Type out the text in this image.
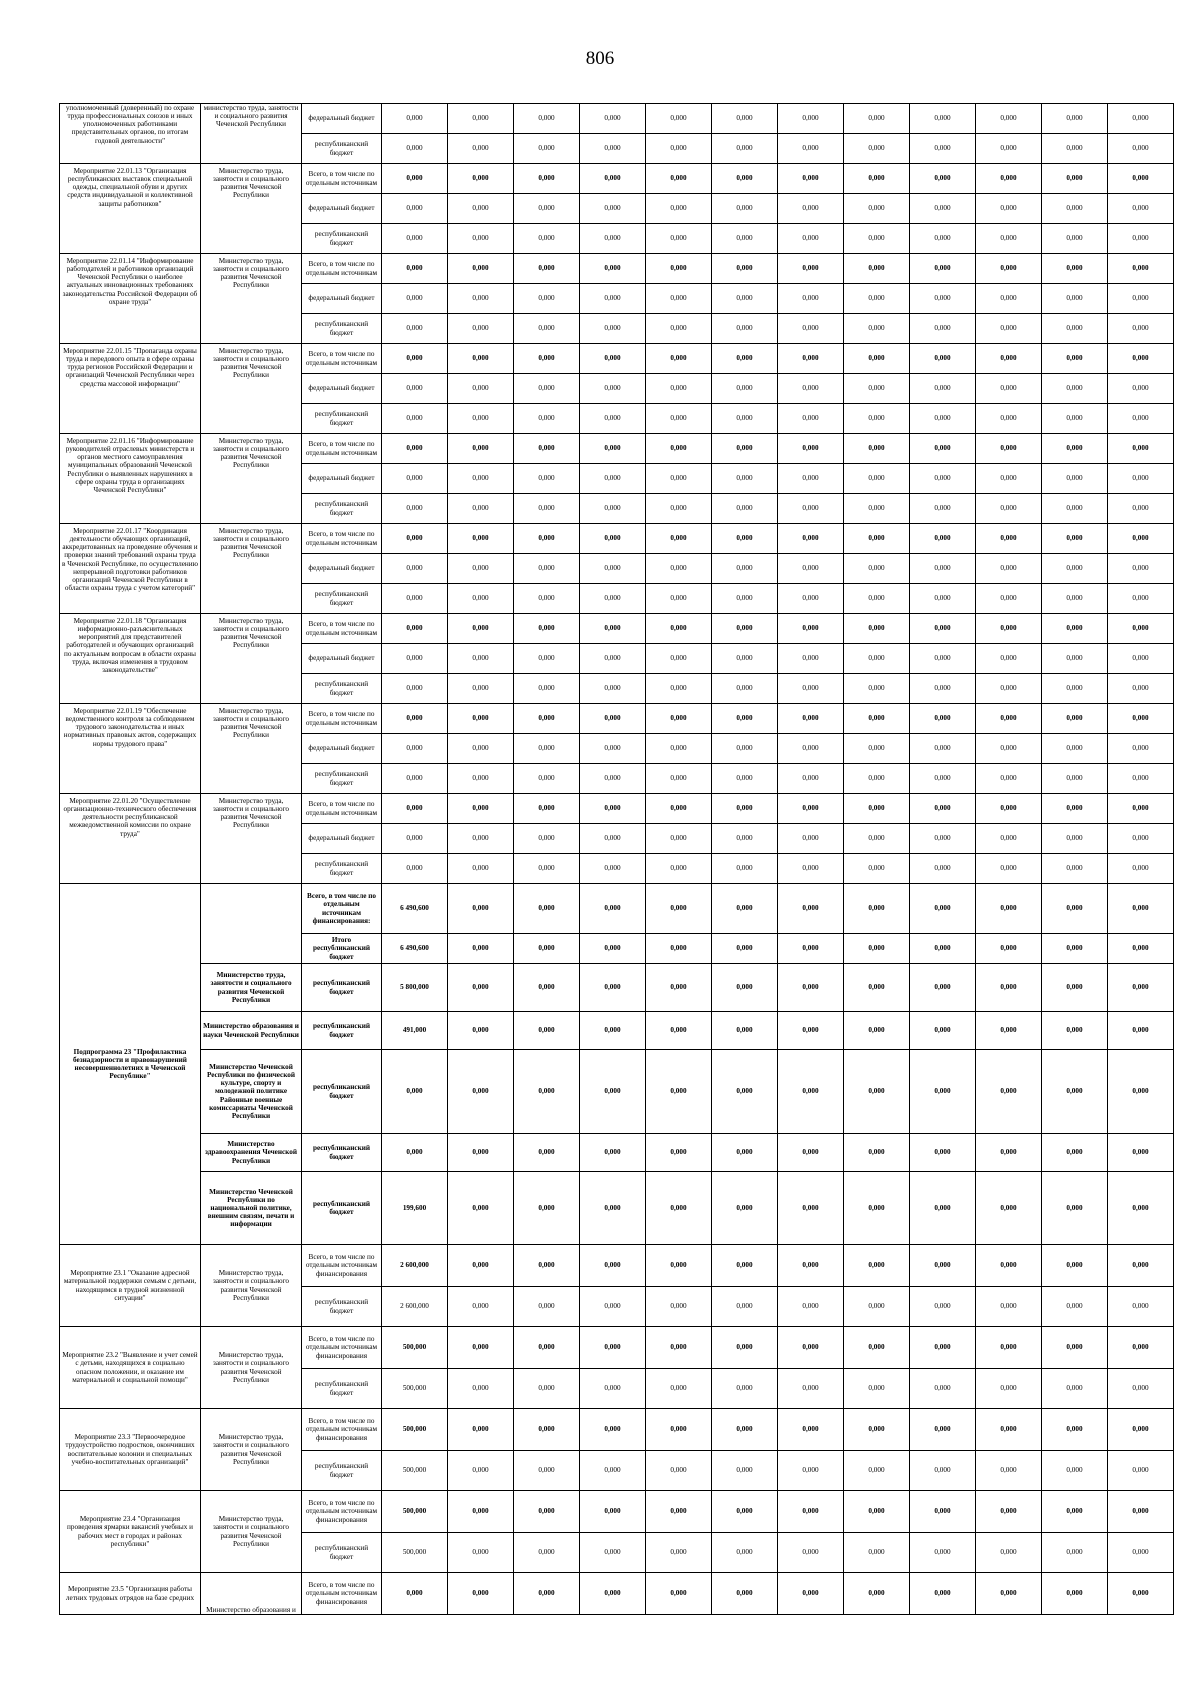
806
уполномоченный (доверенный) по охране труда профессиональных союзов и иных уполномоченных работниками представительных органов, по итогам годовой деятельности"	министерство труда, занятости и социального развития Чеченской Республики	федеральный бюджет	0,000	0,000	0,000	0,000	0,000	0,000	0,000	0,000	0,000	0,000	0,000	0,000
		республиканский бюджет	0,000	0,000	0,000	0,000	0,000	0,000	0,000	0,000	0,000	0,000	0,000	0,000
Мероприятие 22.01.13 "Организация республиканских выставок специальной одежды, специальной обуви и других средств индивидуальной и коллективной защиты работников"	Министерство труда, занятости и социального развития Чеченской Республики	Всего, в том числе по отдельным источникам	0,000	0,000	0,000	0,000	0,000	0,000	0,000	0,000	0,000	0,000	0,000	0,000
		федеральный бюджет	0,000	0,000	0,000	0,000	0,000	0,000	0,000	0,000	0,000	0,000	0,000	0,000
		республиканский бюджет	0,000	0,000	0,000	0,000	0,000	0,000	0,000	0,000	0,000	0,000	0,000	0,000
Мероприятие 22.01.14 "Информирование работодателей и работников организаций Чеченской Республики о наиболее актуальных инновационных требованиях законодательства Российской Федерации об охране труда"	Министерство труда, занятости и социального развития Чеченской Республики	Всего, в том числе по отдельным источникам	0,000	0,000	0,000	0,000	0,000	0,000	0,000	0,000	0,000	0,000	0,000	0,000
		федеральный бюджет	0,000	0,000	0,000	0,000	0,000	0,000	0,000	0,000	0,000	0,000	0,000	0,000
		республиканский бюджет	0,000	0,000	0,000	0,000	0,000	0,000	0,000	0,000	0,000	0,000	0,000	0,000
Мероприятие 22.01.15 "Пропаганда охраны труда и передового опыта в сфере охраны труда регионов Российской Федерации и организаций Чеченской Республики через средства массовой информации"	Министерство труда, занятости и социального развития Чеченской Республики	Всего, в том числе по отдельным источникам	0,000	0,000	0,000	0,000	0,000	0,000	0,000	0,000	0,000	0,000	0,000	0,000
		федеральный бюджет	0,000	0,000	0,000	0,000	0,000	0,000	0,000	0,000	0,000	0,000	0,000	0,000
		республиканский бюджет	0,000	0,000	0,000	0,000	0,000	0,000	0,000	0,000	0,000	0,000	0,000	0,000
Мероприятие 22.01.16 "Информирование руководителей отраслевых министерств и органов местного самоуправления муниципальных образований Чеченской Республики о выявленных нарушениях в сфере охраны труда в организациях Чеченской Республики"	Министерство труда, занятости и социального развития Чеченской Республики	Всего, в том числе по отдельным источникам	0,000	0,000	0,000	0,000	0,000	0,000	0,000	0,000	0,000	0,000	0,000	0,000
		федеральный бюджет	0,000	0,000	0,000	0,000	0,000	0,000	0,000	0,000	0,000	0,000	0,000	0,000
		республиканский бюджет	0,000	0,000	0,000	0,000	0,000	0,000	0,000	0,000	0,000	0,000	0,000	0,000
Мероприятие 22.01.17 "Координация деятельности обучающих организаций, аккредитованных на проведение обучения и проверки знаний требований охраны труда в Чеченской Республике, по осуществлению непрерывной подготовки работников организаций Чеченской Республики в области охраны труда с учетом категорий"	Министерство труда, занятости и социального развития Чеченской Республики	Всего, в том числе по отдельным источникам	0,000	0,000	0,000	0,000	0,000	0,000	0,000	0,000	0,000	0,000	0,000	0,000
		федеральный бюджет	0,000	0,000	0,000	0,000	0,000	0,000	0,000	0,000	0,000	0,000	0,000	0,000
		республиканский бюджет	0,000	0,000	0,000	0,000	0,000	0,000	0,000	0,000	0,000	0,000	0,000	0,000
Мероприятие 22.01.18 "Организация информационно-разъяснительных мероприятий для представителей работодателей и обучающих организаций по актуальным вопросам в области охраны труда, включая изменения в трудовом законодательстве"	Министерство труда, занятости и социального развития Чеченской Республики	Всего, в том числе по отдельным источникам	0,000	0,000	0,000	0,000	0,000	0,000	0,000	0,000	0,000	0,000	0,000	0,000
		федеральный бюджет	0,000	0,000	0,000	0,000	0,000	0,000	0,000	0,000	0,000	0,000	0,000	0,000
		республиканский бюджет	0,000	0,000	0,000	0,000	0,000	0,000	0,000	0,000	0,000	0,000	0,000	0,000
Мероприятие 22.01.19 "Обеспечение ведомственного контроля за соблюдением трудового законодательства и иных нормативных правовых актов, содержащих нормы трудового права"	Министерство труда, занятости и социального развития Чеченской Республики	Всего, в том числе по отдельным источникам	0,000	0,000	0,000	0,000	0,000	0,000	0,000	0,000	0,000	0,000	0,000	0,000
		федеральный бюджет	0,000	0,000	0,000	0,000	0,000	0,000	0,000	0,000	0,000	0,000	0,000	0,000
		республиканский бюджет	0,000	0,000	0,000	0,000	0,000	0,000	0,000	0,000	0,000	0,000	0,000	0,000
Мероприятие 22.01.20 "Осуществление организационно-технического обеспечения деятельности республиканской межведомственной комиссии по охране труда"	Министерство труда, занятости и социального развития Чеченской Республики	Всего, в том числе по отдельным источникам	0,000	0,000	0,000	0,000	0,000	0,000	0,000	0,000	0,000	0,000	0,000	0,000
		федеральный бюджет	0,000	0,000	0,000	0,000	0,000	0,000	0,000	0,000	0,000	0,000	0,000	0,000
		республиканский бюджет	0,000	0,000	0,000	0,000	0,000	0,000	0,000	0,000	0,000	0,000	0,000	0,000
Подпрограмма 23 "Профилактика безнадзорности и правонарушений несовершеннолетних в Чеченской Республике"		Всего, в том числе по отдельным источникам финансирования:	6 490,600	0,000	0,000	0,000	0,000	0,000	0,000	0,000	0,000	0,000	0,000	0,000
		Итого республиканский бюджет	6 490,600	0,000	0,000	0,000	0,000	0,000	0,000	0,000	0,000	0,000	0,000	0,000
	Министерство труда, занятости и социального развития Чеченской Республики	республиканский бюджет	5 800,000	0,000	0,000	0,000	0,000	0,000	0,000	0,000	0,000	0,000	0,000	0,000
	Министерство образования и науки Чеченской Республики	республиканский бюджет	491,000	0,000	0,000	0,000	0,000	0,000	0,000	0,000	0,000	0,000	0,000	0,000
	Министерство Чеченской Республики по физической культуре, спорту и молодежной политике Районные военные комиссариаты Чеченской Республики	республиканский бюджет	0,000	0,000	0,000	0,000	0,000	0,000	0,000	0,000	0,000	0,000	0,000	0,000
	Министерство здравоохранения Чеченской Республики	республиканский бюджет	0,000	0,000	0,000	0,000	0,000	0,000	0,000	0,000	0,000	0,000	0,000	0,000
	Министерство Чеченской Республики по национальной политике, внешним связям, печати и информации	республиканский бюджет	199,600	0,000	0,000	0,000	0,000	0,000	0,000	0,000	0,000	0,000	0,000	0,000
Мероприятие 23.1 "Оказание адресной материальной поддержки семьям с детьми, находящимся в трудной жизненной ситуации"	Министерство труда, занятости и социального развития Чеченской Республики	Всего, в том числе по отдельным источникам финансирования	2 600,000	0,000	0,000	0,000	0,000	0,000	0,000	0,000	0,000	0,000	0,000	0,000
		республиканский бюджет	2 600,000	0,000	0,000	0,000	0,000	0,000	0,000	0,000	0,000	0,000	0,000	0,000
Мероприятие 23.2 "Выявление и учет семей с детьми, находящихся в социально опасном положении, и оказание им материальной и социальной помощи"	Министерство труда, занятости и социального развития Чеченской Республики	Всего, в том числе по отдельным источникам финансирования	500,000	0,000	0,000	0,000	0,000	0,000	0,000	0,000	0,000	0,000	0,000	0,000
		республиканский бюджет	500,000	0,000	0,000	0,000	0,000	0,000	0,000	0,000	0,000	0,000	0,000	0,000
Мероприятие 23.3 "Первоочередное трудоустройство подростков, окончивших воспитательные колонии и специальных учебно-воспитательных организаций"	Министерство труда, занятости и социального развития Чеченской Республики	Всего, в том числе по отдельным источникам финансирования	500,000	0,000	0,000	0,000	0,000	0,000	0,000	0,000	0,000	0,000	0,000	0,000
		республиканский бюджет	500,000	0,000	0,000	0,000	0,000	0,000	0,000	0,000	0,000	0,000	0,000	0,000
Мероприятие 23.4 "Организация проведения ярмарки вакансий учебных и рабочих мест в городах и районах республики"	Министерство труда, занятости и социального развития Чеченской Республики	Всего, в том числе по отдельным источникам финансирования	500,000	0,000	0,000	0,000	0,000	0,000	0,000	0,000	0,000	0,000	0,000	0,000
		республиканский бюджет	500,000	0,000	0,000	0,000	0,000	0,000	0,000	0,000	0,000	0,000	0,000	0,000
Мероприятие 23.5 "Организация работы летних трудовых отрядов на базе средних	Министерство образования и	Всего, в том числе по отдельным источникам финансирования	0,000	0,000	0,000	0,000	0,000	0,000	0,000	0,000	0,000	0,000	0,000	0,000
